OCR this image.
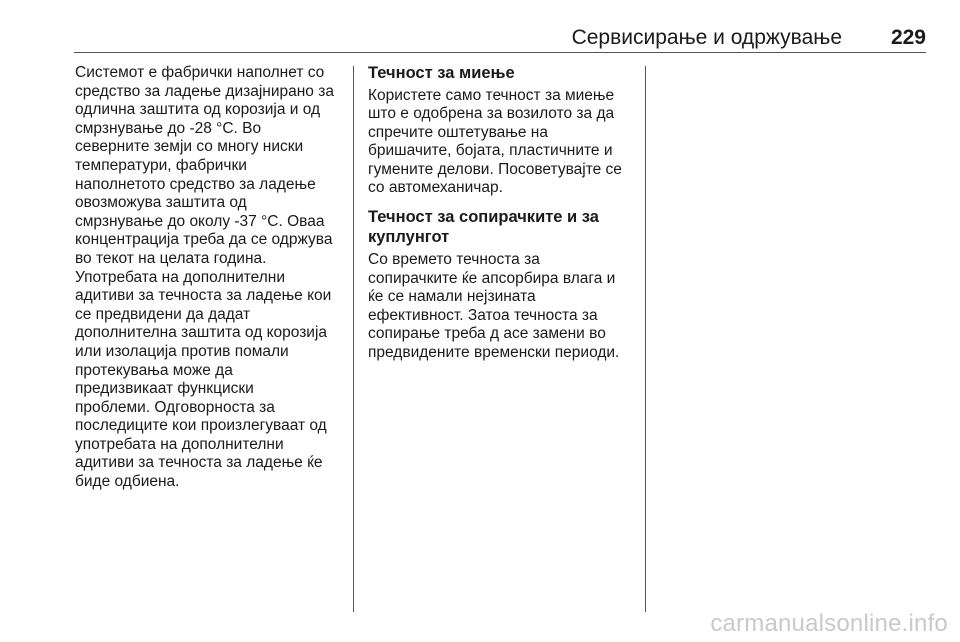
Сервисирање и одржување 229
Системот е фабрички наполнет со
средство за ладење дизајнирано за
одлична заштита од корозија и од
смрзнување до -28 °C. Во
северните земји со многу ниски
температури, фабрички
наполнетото средство за ладење
овозможува заштита од
смрзнување до околу -37 °C. Оваа
концентрација треба да се одржува
во текот на целата година.
Употребата на дополнителни
адитиви за течноста за ладење кои
се предвидени да дадат
дополнителна заштита од корозија
или изолација против помали
протекувања може да
предизвикаат функциски
проблеми. Одговорноста за
последиците кои произлегуваат од
употребата на дополнителни
адитиви за течноста за ладење ќе
биде одбиена.
Течност за миење
Користете само течност за миење
што е одобрена за возилото за да
спречите оштетување на
бришачите, бојата, пластичните и
гумените делови. Посоветувајте се
со автомеханичар.
Течност за сопирачките и за
куплунгот
Со времето течноста за
сопирачките ќе апсорбира влага и
ќе се намали нејзината
ефективност. Затоа течноста за
сопирање треба д асе замени во
предвидените временски периоди.
carmanualsonline.info
